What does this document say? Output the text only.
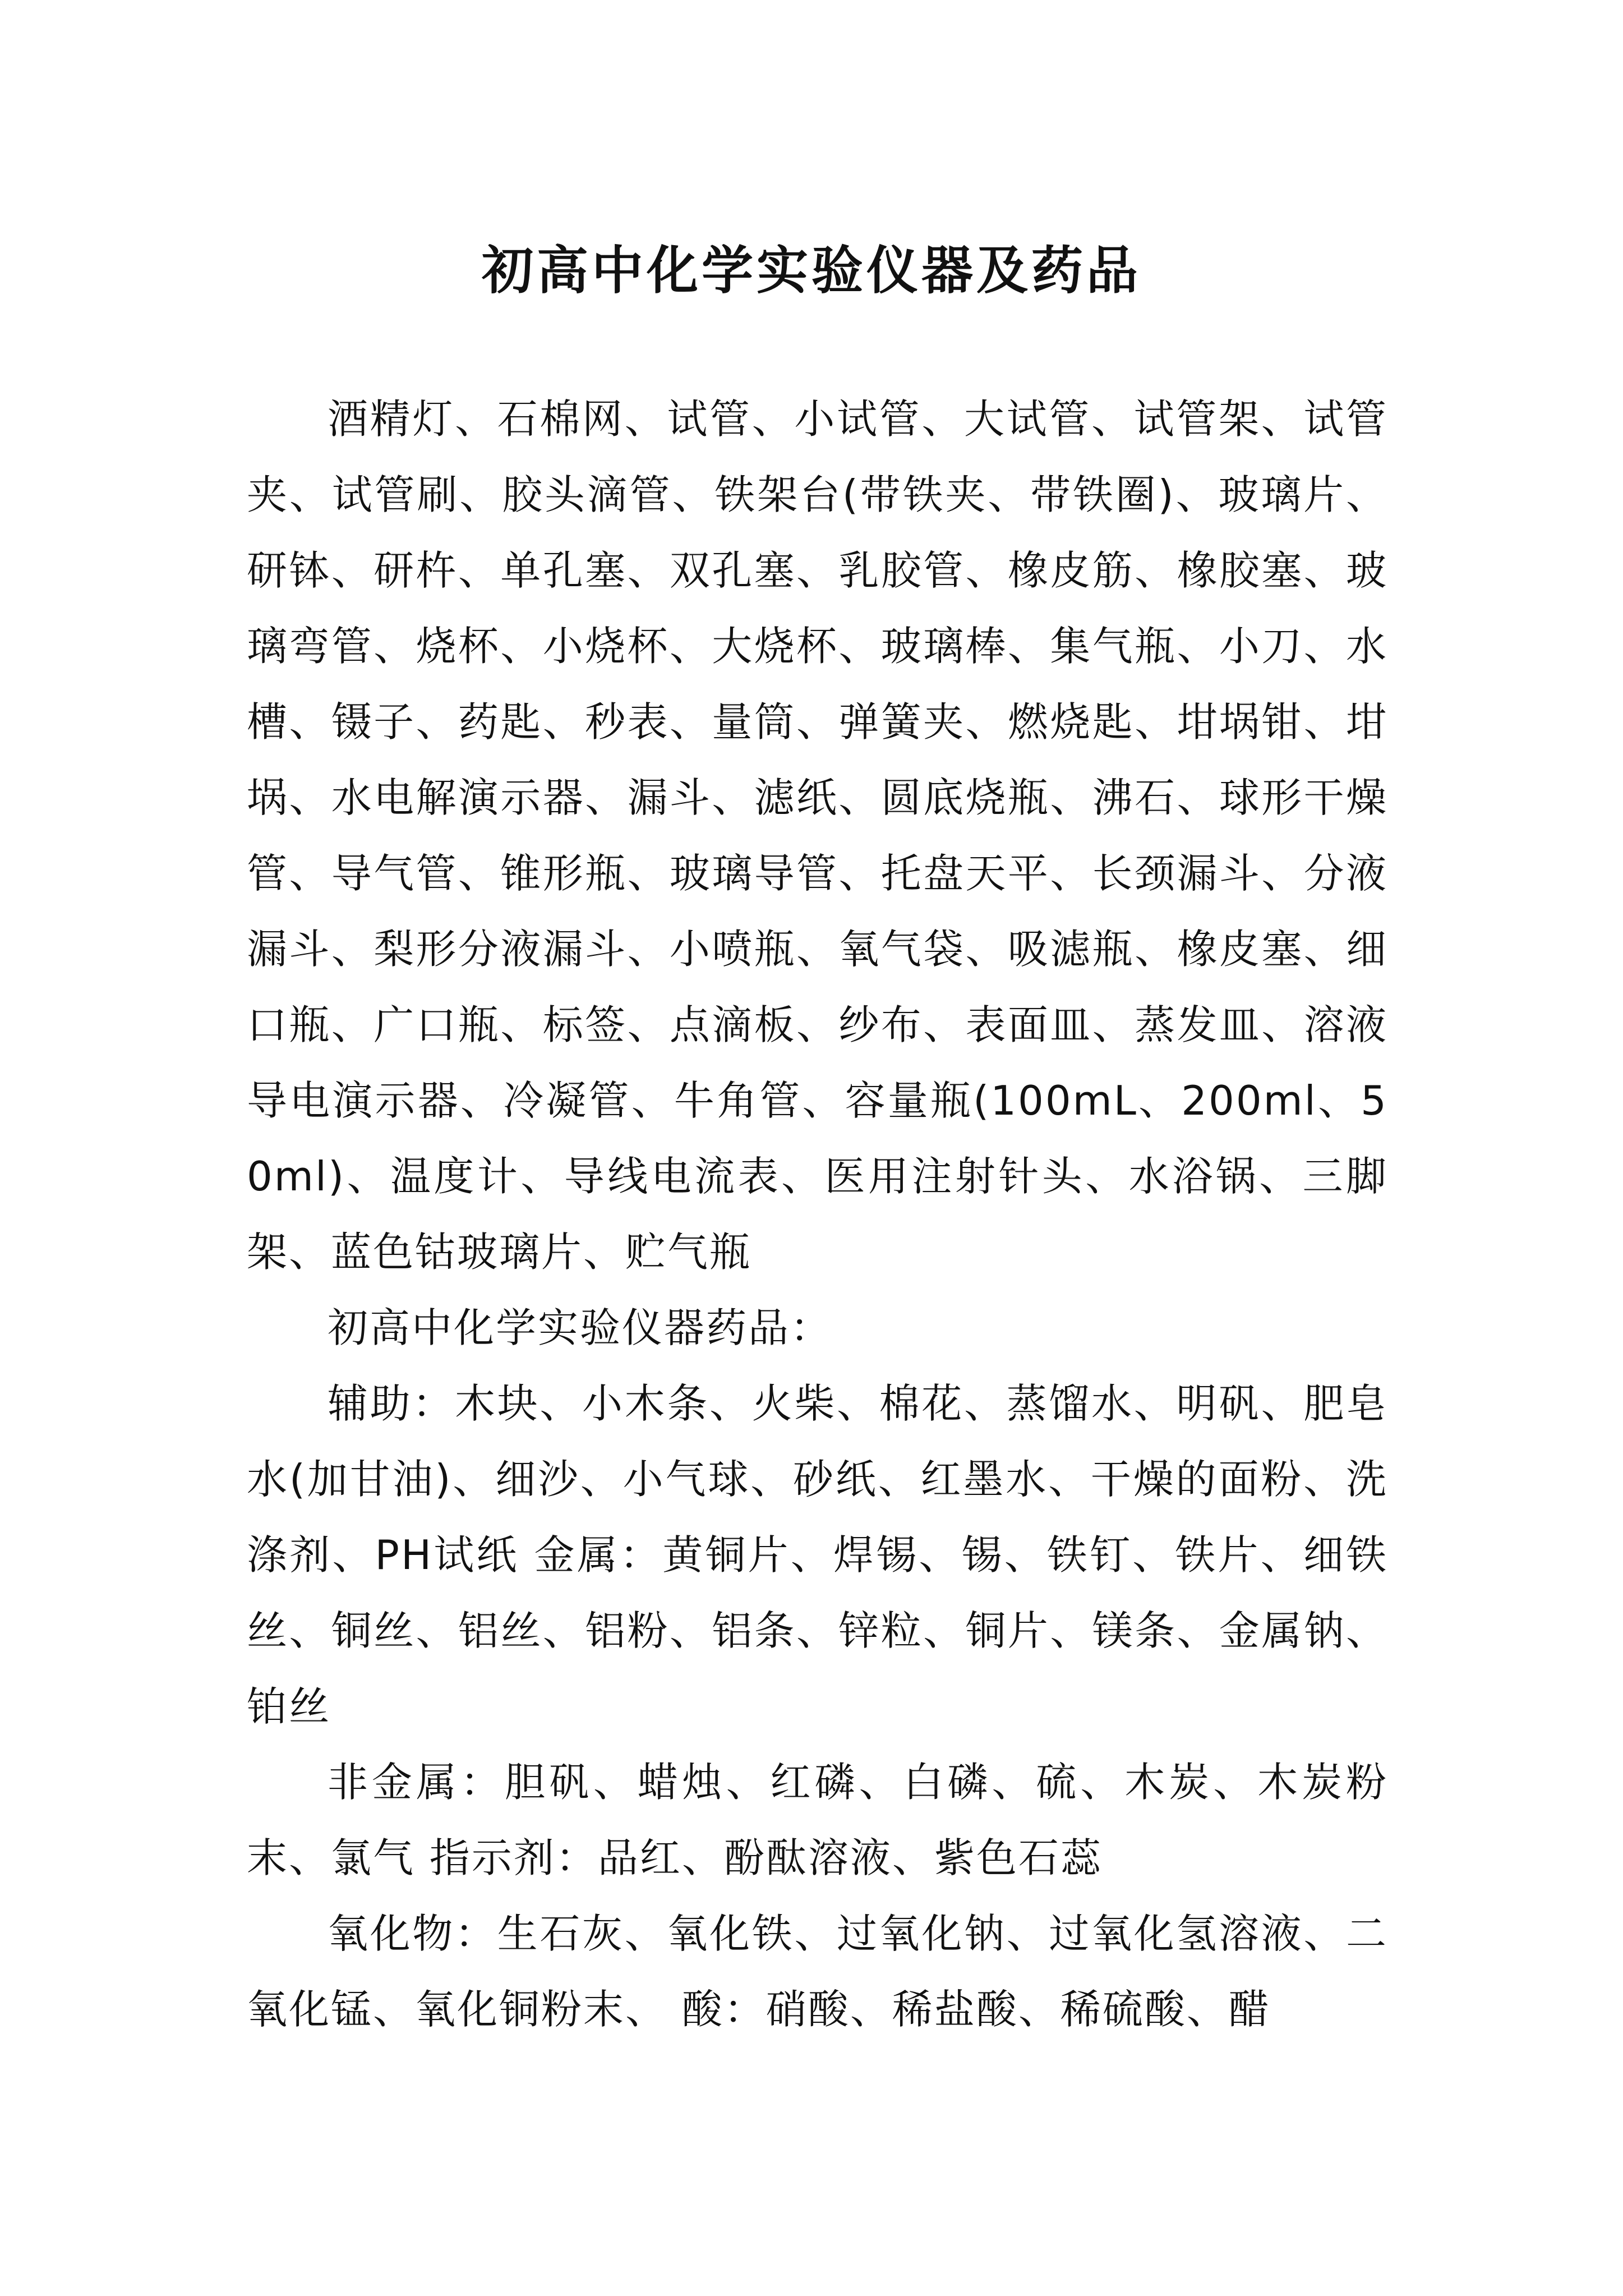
初高中化学实验仪器及药品

酒精灯、石棉网、试管、小试管、大试管、试管架、试管夹、试管刷、胶头滴管、铁架台(带铁夹、带铁圈)、玻璃片、研钵、研杵、单孔塞、双孔塞、乳胶管、橡皮筋、橡胶塞、玻璃弯管、烧杯、小烧杯、大烧杯、玻璃棒、集气瓶、小刀、水槽、镊子、药匙、秒表、量筒、弹簧夹、燃烧匙、坩埚钳、坩埚、水电解演示器、漏斗、滤纸、圆底烧瓶、沸石、球形干燥管、导气管、锥形瓶、玻璃导管、托盘天平、长颈漏斗、分液漏斗、梨形分液漏斗、小喷瓶、氧气袋、吸滤瓶、橡皮塞、细口瓶、广口瓶、标签、点滴板、纱布、表面皿、蒸发皿、溶液导电演示器、冷凝管、牛角管、容量瓶(100mL、200ml、50ml)、温度计、导线电流表、医用注射针头、水浴锅、三脚架、蓝色钴玻璃片、贮气瓶

初高中化学实验仪器药品：

辅助：木块、小木条、火柴、棉花、蒸馏水、明矾、肥皂水(加甘油)、细沙、小气球、砂纸、红墨水、干燥的面粉、洗涤剂、PH试纸 金属：黄铜片、焊锡、锡、铁钉、铁片、细铁丝、铜丝、铝丝、铝粉、铝条、锌粒、铜片、镁条、金属钠、铂丝

非金属：胆矾、蜡烛、红磷、白磷、硫、木炭、木炭粉末、氯气 指示剂：品红、酚酞溶液、紫色石蕊

氧化物：生石灰、氧化铁、过氧化钠、过氧化氢溶液、二氧化锰、氧化铜粉末、 酸：硝酸、稀盐酸、稀硫酸、醋
